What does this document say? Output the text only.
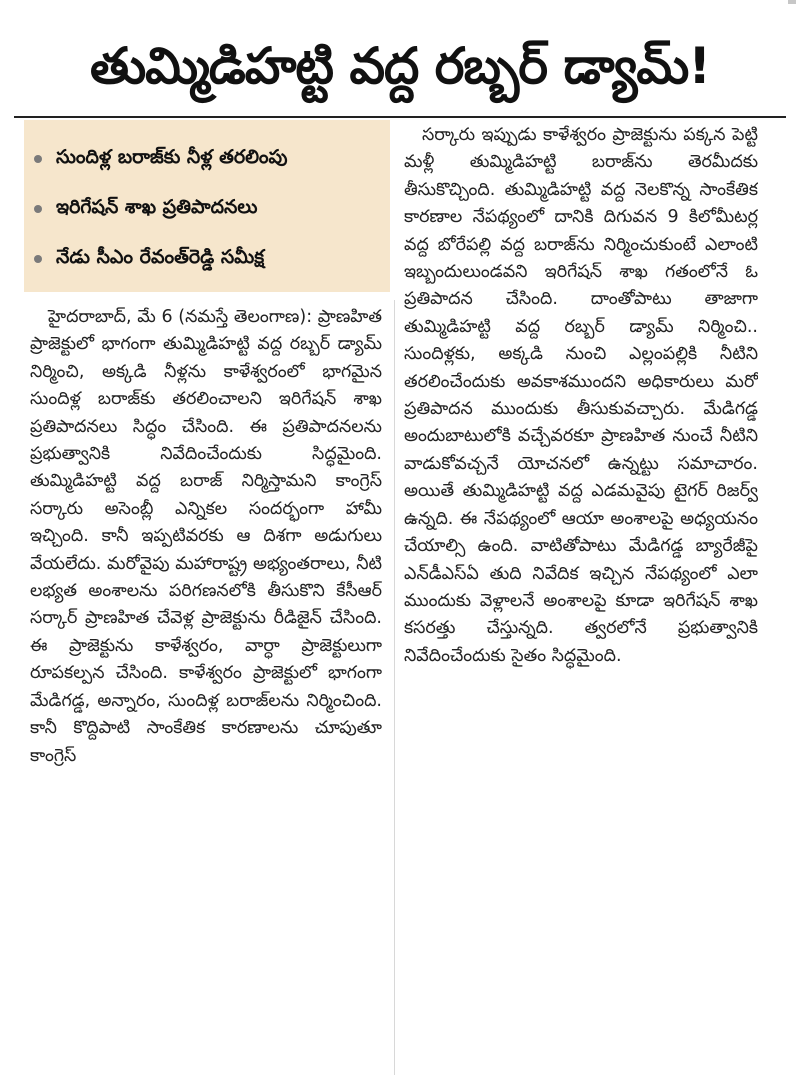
తుమ్మిడిహట్టి వద్ద రబ్బర్ డ్యామ్!
సుందిళ్ల బరాజ్‌కు నీళ్ల తరలింపు
ఇరిగేషన్ శాఖ ప్రతిపాదనలు
నేడు సీఎం రేవంత్‌రెడ్డి సమీక్ష
హైదరాబాద్, మే 6 (నమస్తే తెలంగాణ): ప్రాణహిత ప్రాజెక్టులో భాగంగా తుమ్మిడిహట్టి వద్ద రబ్బర్ డ్యామ్ నిర్మించి, అక్కడి నీళ్లను కాళేశ్వరంలో భాగమైన సుందిళ్ల బరాజ్‌కు తరలించాలని ఇరిగేషన్ శాఖ ప్రతిపాదనలు సిద్ధం చేసింది. ఈ ప్రతిపాదనలను ప్రభుత్వానికి నివేదించేందుకు సిద్ధమైంది. తుమ్మిడిహట్టి వద్ద బరాజ్ నిర్మిస్తామని కాంగ్రెస్ సర్కారు అసెంబ్లీ ఎన్నికల సందర్భంగా హామీ ఇచ్చింది. కానీ ఇప్పటివరకు ఆ దిశగా అడుగులు వేయలేదు. మరోవైపు మహారాష్ట్ర అభ్యంతరాలు, నీటి లభ్యత అంశాలను పరిగణనలోకి తీసుకొని కేసీఆర్ సర్కార్ ప్రాణహిత చేవెళ్ల ప్రాజెక్టును రీడిజైన్ చేసింది. ఈ ప్రాజెక్టును కాళేశ్వరం, వార్ధా ప్రాజెక్టులుగా రూపకల్పన చేసింది. కాళేశ్వరం ప్రాజెక్టులో భాగంగా మేడిగడ్డ, అన్నారం, సుందిళ్ల బరాజ్‌లను నిర్మించింది. కానీ కొద్దిపాటి సాంకేతిక కారణాలను చూపుతూ కాంగ్రెస్
సర్కారు ఇప్పుడు కాళేశ్వరం ప్రాజెక్టును పక్కన పెట్టి మళ్లీ తుమ్మిడిహట్టి బరాజ్‌ను తెరమీదకు తీసుకొచ్చింది. తుమ్మిడిహట్టి వద్ద నెలకొన్న సాంకేతిక కారణాల నేపథ్యంలో దానికి దిగువన 9 కిలోమీటర్ల వద్ద బోరేపల్లి వద్ద బరాజ్‌ను నిర్మించుకుంటే ఎలాంటి ఇబ్బందులుండవని ఇరిగేషన్ శాఖ గతంలోనే ఓ ప్రతిపాదన చేసింది. దాంతోపాటు తాజాగా తుమ్మిడిహట్టి వద్ద రబ్బర్ డ్యామ్ నిర్మించి.. సుందిళ్లకు, అక్కడి నుంచి ఎల్లంపల్లికి నీటిని తరలించేందుకు అవకాశముందని అధికారులు మరో ప్రతిపాదన ముందుకు తీసుకువచ్చారు. మేడిగడ్డ అందుబాటులోకి వచ్చేవరకూ ప్రాణహిత నుంచే నీటిని వాడుకోవచ్చనే యోచనలో ఉన్నట్టు సమాచారం. అయితే తుమ్మిడిహట్టి వద్ద ఎడమవైపు టైగర్ రిజర్వ్ ఉన్నది. ఈ నేపథ్యంలో ఆయా అంశాలపై అధ్యయనం చేయాల్సి ఉంది. వాటితోపాటు మేడిగడ్డ బ్యారేజీపై ఎన్‌డీఎస్‌ఏ తుది నివేదిక ఇచ్చిన నేపథ్యంలో ఎలా ముందుకు వెళ్లాలనే అంశాలపై కూడా ఇరిగేషన్ శాఖ కసరత్తు చేస్తున్నది. త్వరలోనే ప్రభుత్వానికి నివేదించేందుకు సైతం సిద్ధమైంది.
